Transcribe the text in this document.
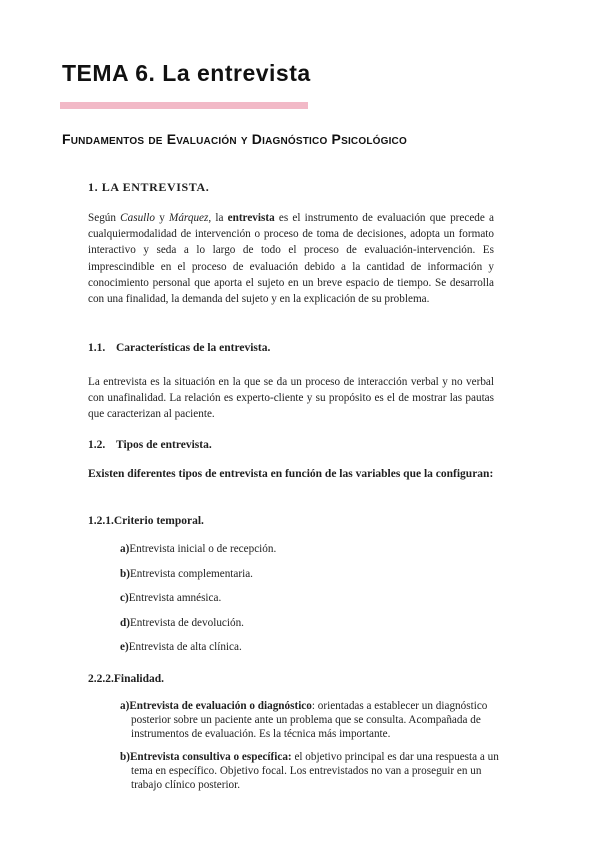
TEMA 6. La entrevista
Fundamentos de Evaluación y Diagnóstico Psicológico
1. LA ENTREVISTA.
Según Casullo y Márquez, la entrevista es el instrumento de evaluación que precede a cualquiermodalidad de intervención o proceso de toma de decisiones, adopta un formato interactivo y seda a lo largo de todo el proceso de evaluación-intervención. Es imprescindible en el proceso de evaluación debido a la cantidad de información y conocimiento personal que aporta el sujeto en un breve espacio de tiempo. Se desarrolla con una finalidad, la demanda del sujeto y en la explicación de su problema.
1.1. Características de la entrevista.
La entrevista es la situación en la que se da un proceso de interacción verbal y no verbal con unafinalidad. La relación es experto-cliente y su propósito es el de mostrar las pautas que caracterizan al paciente.
1.2. Tipos de entrevista.
Existen diferentes tipos de entrevista en función de las variables que la configuran:
1.2.1.Criterio temporal.
a)Entrevista inicial o de recepción.
b)Entrevista complementaria.
c)Entrevista amnésica.
d)Entrevista de devolución.
e)Entrevista de alta clínica.
2.2.2.Finalidad.
a)Entrevista de evaluación o diagnóstico: orientadas a establecer un diagnóstico posterior sobre un paciente ante un problema que se consulta. Acompañada de instrumentos de evaluación. Es la técnica más importante.
b)Entrevista consultiva o específica: el objetivo principal es dar una respuesta a un tema en específico. Objetivo focal. Los entrevistados no van a proseguir en un trabajo clínico posterior.
